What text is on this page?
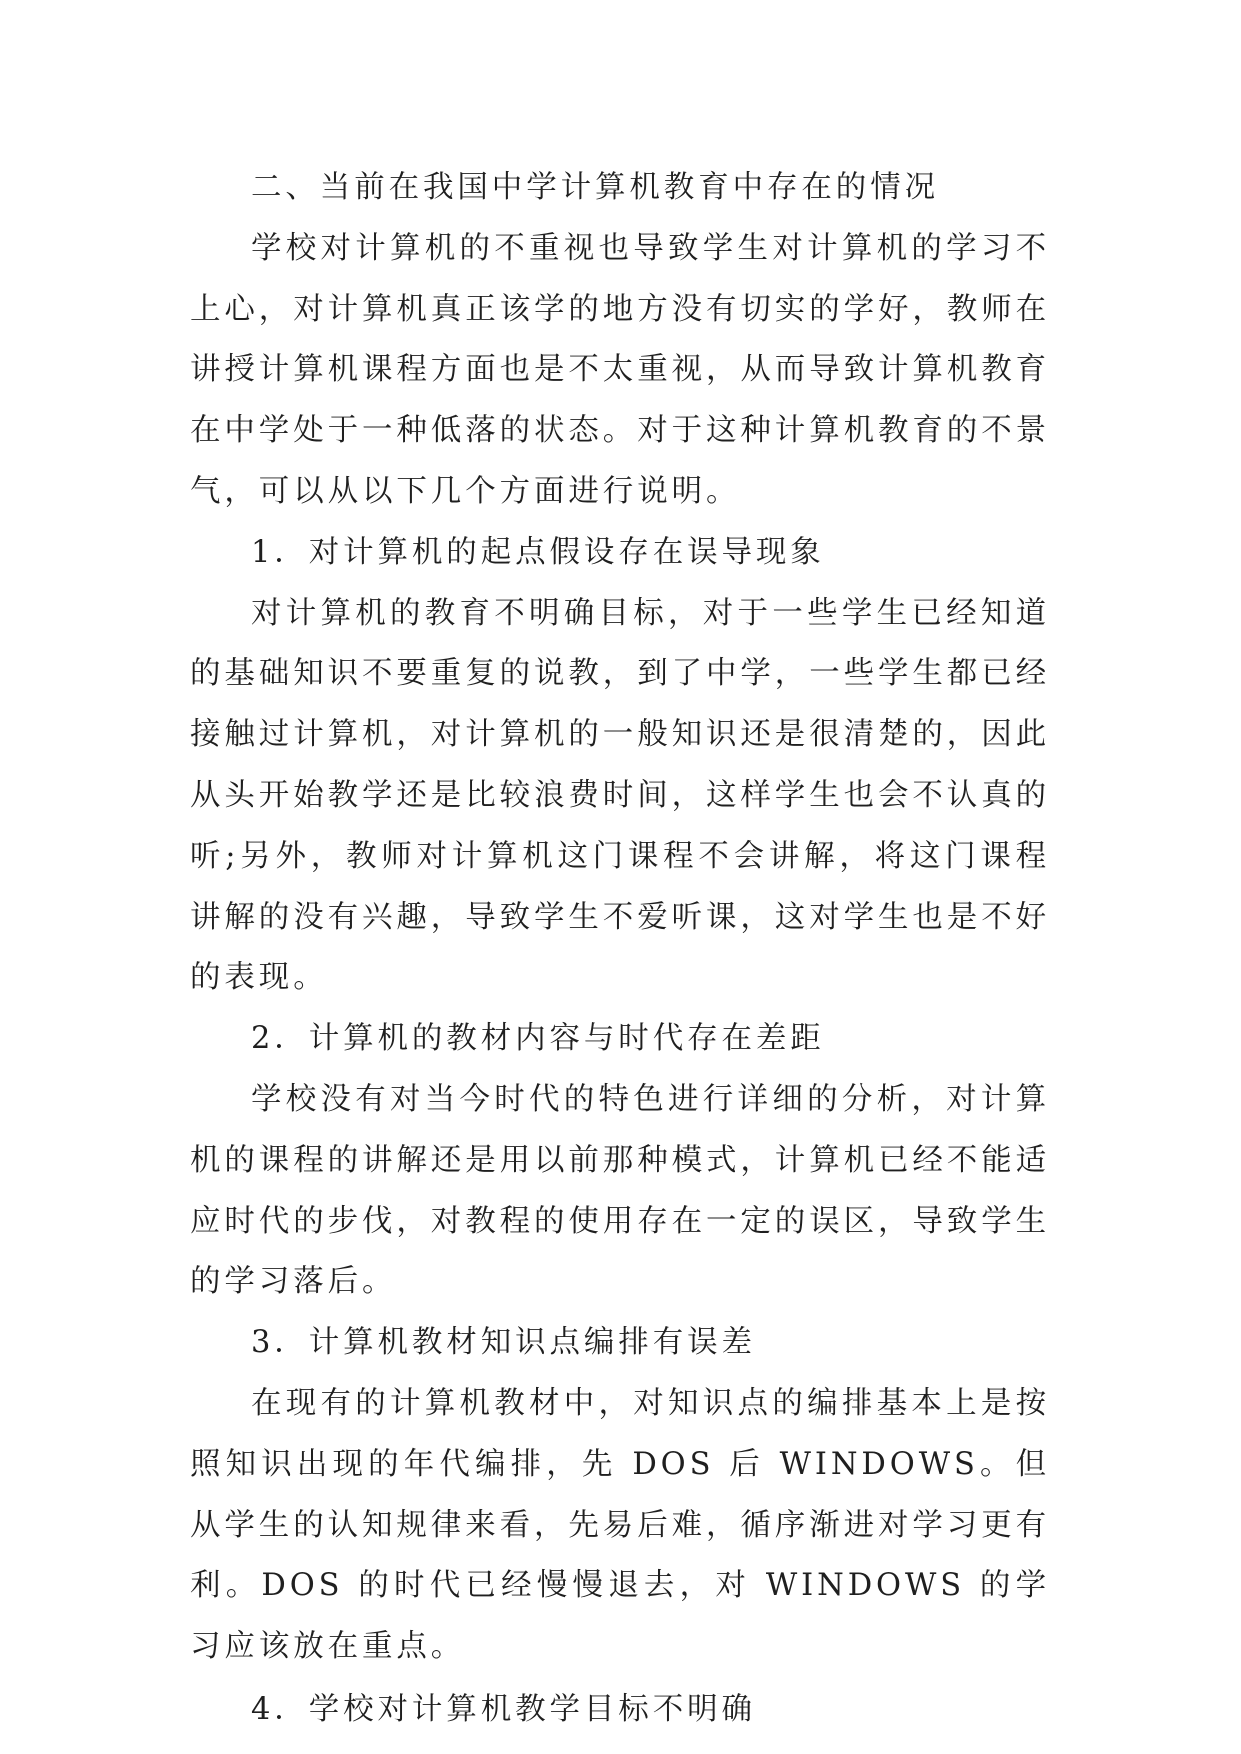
二、当前在我国中学计算机教育中存在的情况

学校对计算机的不重视也导致学生对计算机的学习不上心，对计算机真正该学的地方没有切实的学好，教师在讲授计算机课程方面也是不太重视，从而导致计算机教育在中学处于一种低落的状态。对于这种计算机教育的不景气，可以从以下几个方面进行说明。

1．对计算机的起点假设存在误导现象

对计算机的教育不明确目标，对于一些学生已经知道的基础知识不要重复的说教，到了中学，一些学生都已经接触过计算机，对计算机的一般知识还是很清楚的，因此从头开始教学还是比较浪费时间，这样学生也会不认真的听;另外，教师对计算机这门课程不会讲解，将这门课程讲解的没有兴趣，导致学生不爱听课，这对学生也是不好的表现。

2．计算机的教材内容与时代存在差距

学校没有对当今时代的特色进行详细的分析，对计算机的课程的讲解还是用以前那种模式，计算机已经不能适应时代的步伐，对教程的使用存在一定的误区，导致学生的学习落后。

3．计算机教材知识点编排有误差

在现有的计算机教材中，对知识点的编排基本上是按照知识出现的年代编排，先 DOS 后 WINDOWS。但从学生的认知规律来看，先易后难，循序渐进对学习更有利。DOS 的时代已经慢慢退去，对 WINDOWS 的学习应该放在重点。

4．学校对计算机教学目标不明确
